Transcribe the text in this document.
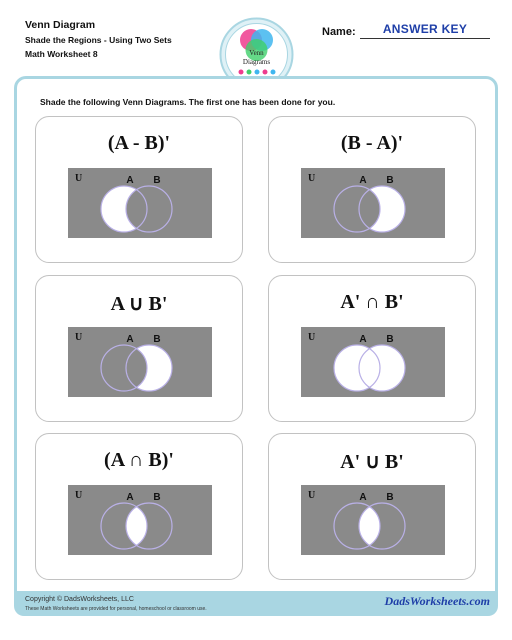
Venn Diagram
Shade the Regions - Using Two Sets
Math Worksheet 8	Venn
Diagrams
Name:	ANSWER KEY
Shade the following Venn Diagrams. The first one has been done for you.
(A - B)'
U	A B
(B - A)'
U	A B
A ∪ B'
U	A B
A' ∩ B'
U	A B
(A ∩ B)'
U	A B
A' ∪ B'
U	A B
Copyright © DadsWorksheets, LLC
These Math Worksheets are provided for personal, homeschool or classroom use.
DadsWorksheets.com
